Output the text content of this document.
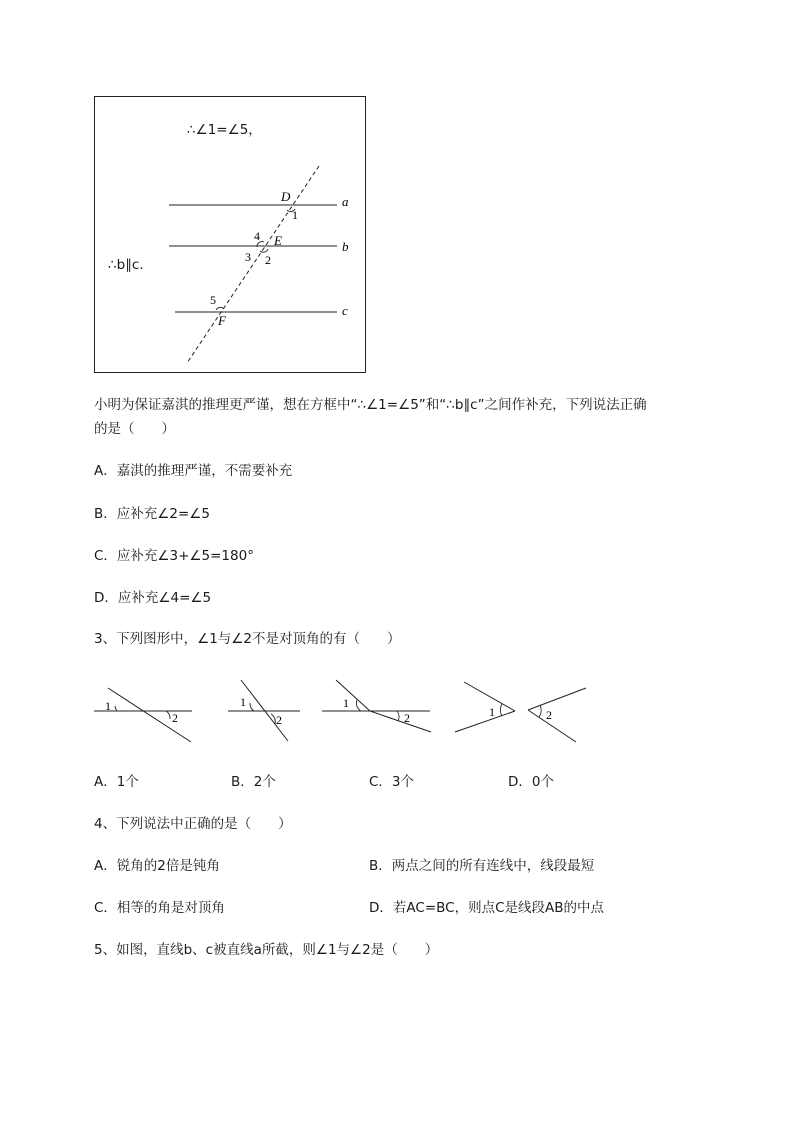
∴∠1=∠5，
∴b∥c．
D
1
a
4 E	b
3 2
5
F
c
小明为保证嘉淇的推理更严谨，想在方框中“∴∠1=∠5”和“∴b∥c”之间作补充，下列说法正确
的是（　　）
A．嘉淇的推理严谨，不需要补充
B．应补充∠2=∠5
C．应补充∠3+∠5=180°
D．应补充∠4=∠5
3、下列图形中，∠1与∠2不是对顶角的有（　　）
1
2
1
2
1
2	1	2
A．1个	B．2个	C．3个	D．0个
4、下列说法中正确的是（　　）
A．锐角的2倍是钝角	B．两点之间的所有连线中，线段最短
C．相等的角是对顶角	D．若AC=BC，则点C是线段AB的中点
5、如图，直线b、c被直线a所截，则∠1与∠2是（　　）
